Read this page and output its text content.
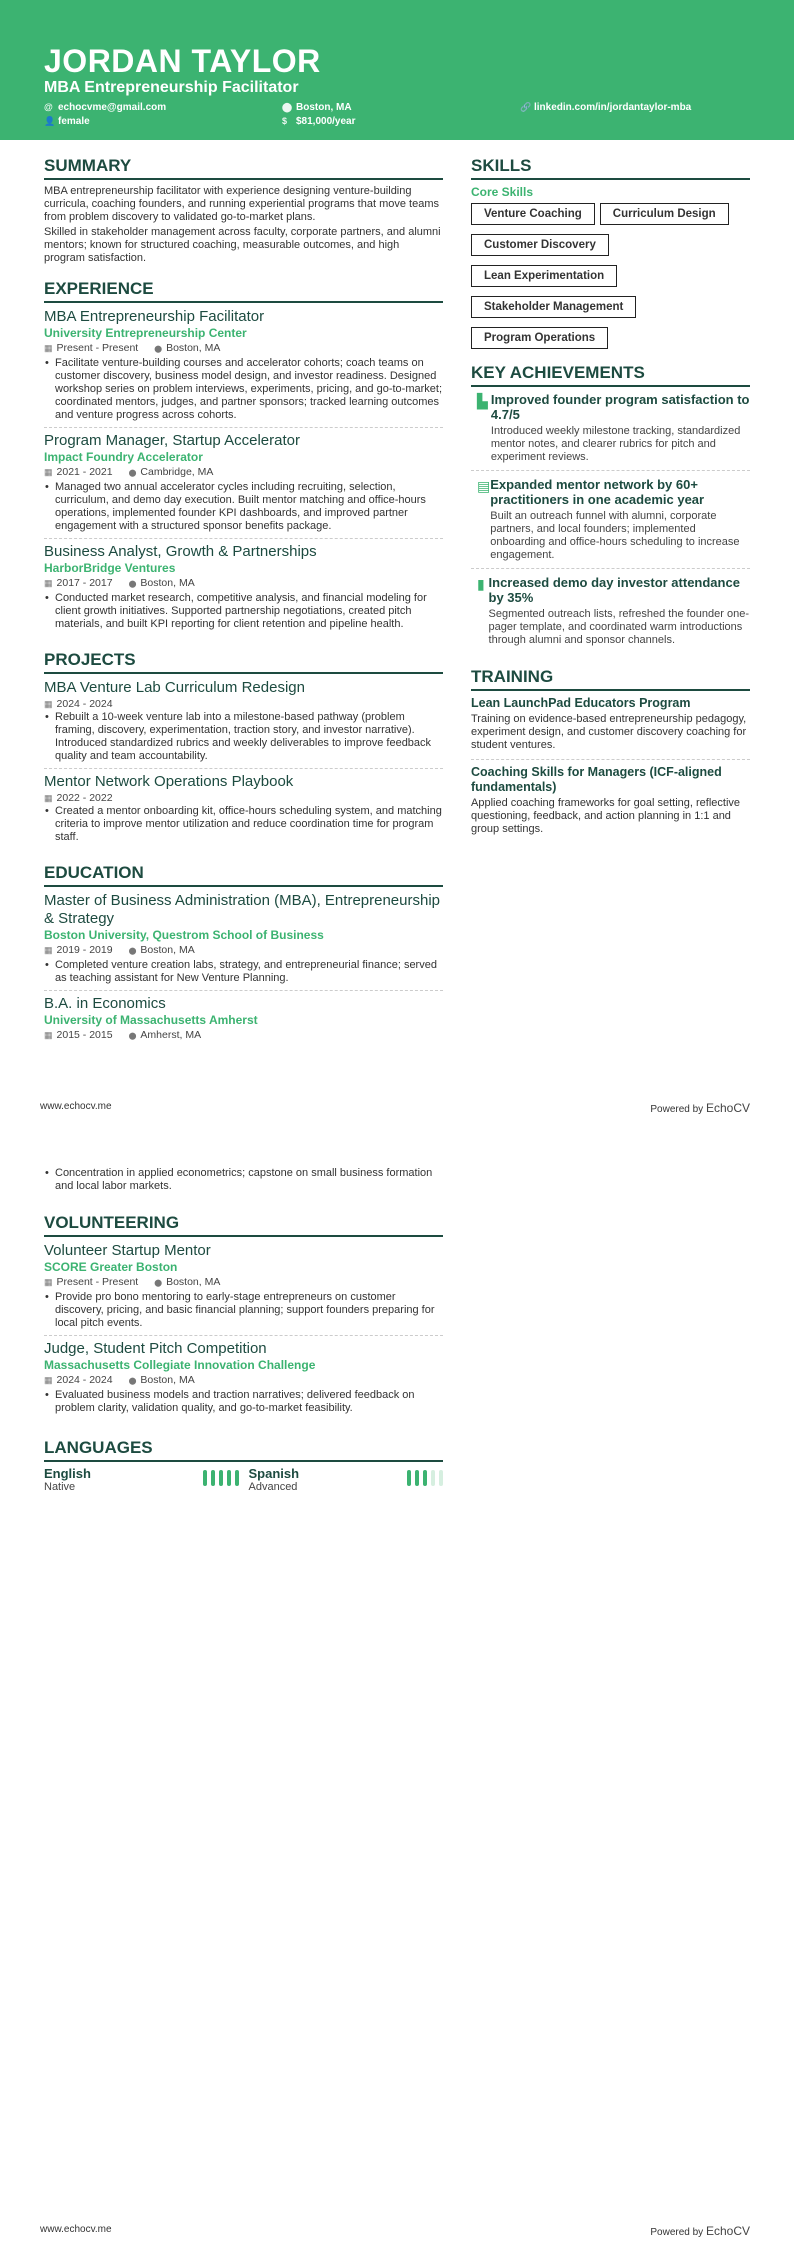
JORDAN TAYLOR
MBA Entrepreneurship Facilitator
@ echocvme@gmail.com	⬤ Boston, MA	🔗 linkedin.com/in/jordantaylor-mba
👤 female	$ $81,000/year
SUMMARY

MBA entrepreneurship facilitator with experience designing venture-building curricula, coaching founders, and running experiential programs that move teams from problem discovery to validated go-to-market plans.

Skilled in stakeholder management across faculty, corporate partners, and alumni mentors; known for structured coaching, measurable outcomes, and high program satisfaction.

EXPERIENCE
MBA Entrepreneurship Facilitator
University Entrepreneurship Center
▦ Present - Present ⬤ Boston, MA
• Facilitate venture-building courses and accelerator cohorts; coach teams on customer discovery, business model design, and investor readiness. Designed workshop series on problem interviews, experiments, pricing, and go-to-market; coordinated mentors, judges, and partner sponsors; tracked learning outcomes and venture progress across cohorts.
Program Manager, Startup Accelerator
Impact Foundry Accelerator
▦ 2021 - 2021 ⬤ Cambridge, MA
• Managed two annual accelerator cycles including recruiting, selection, curriculum, and demo day execution. Built mentor matching and office-hours operations, implemented founder KPI dashboards, and improved partner engagement with a structured sponsor benefits package.
Business Analyst, Growth & Partnerships
HarborBridge Ventures
▦ 2017 - 2017 ⬤ Boston, MA
• Conducted market research, competitive analysis, and financial modeling for client growth initiatives. Supported partnership negotiations, created pitch materials, and built KPI reporting for client retention and pipeline health.
PROJECTS
MBA Venture Lab Curriculum Redesign
▦ 2024 - 2024
• Rebuilt a 10-week venture lab into a milestone-based pathway (problem framing, discovery, experimentation, traction story, and investor narrative). Introduced standardized rubrics and weekly deliverables to improve feedback quality and team accountability.
Mentor Network Operations Playbook
▦ 2022 - 2022
• Created a mentor onboarding kit, office-hours scheduling system, and matching criteria to improve mentor utilization and reduce coordination time for program staff.
EDUCATION
Master of Business Administration (MBA), Entrepreneurship & Strategy
Boston University, Questrom School of Business
▦ 2019 - 2019 ⬤ Boston, MA
• Completed venture creation labs, strategy, and entrepreneurial finance; served as teaching assistant for New Venture Planning.
B.A. in Economics
University of Massachusetts Amherst
▦ 2015 - 2015 ⬤ Amherst, MA
SKILLS
Core Skills
Venture Coaching	Curriculum Design
Customer Discovery
Lean Experimentation
Stakeholder Management
Program Operations
KEY ACHIEVEMENTS
▙ Improved founder program satisfaction to 4.7/5
Introduced weekly milestone tracking, standardized mentor notes, and clearer rubrics for pitch and experiment reviews.
▤ Expanded mentor network by 60+ practitioners in one academic year
Built an outreach funnel with alumni, corporate partners, and local founders; implemented onboarding and office-hours scheduling to increase engagement.
▮ Increased demo day investor attendance by 35%
Segmented outreach lists, refreshed the founder one-pager template, and coordinated warm introductions through alumni and sponsor channels.
TRAINING
Lean LaunchPad Educators Program
Training on evidence-based entrepreneurship pedagogy, experiment design, and customer discovery coaching for student ventures.
Coaching Skills for Managers (ICF-aligned fundamentals)
Applied coaching frameworks for goal setting, reflective questioning, feedback, and action planning in 1:1 and group settings.
www.echocv.me	Powered by EchoCV
• Concentration in applied econometrics; capstone on small business formation and local labor markets.
VOLUNTEERING
Volunteer Startup Mentor
SCORE Greater Boston
▦ Present - Present ⬤ Boston, MA
• Provide pro bono mentoring to early-stage entrepreneurs on customer discovery, pricing, and basic financial planning; support founders preparing for local pitch events.
Judge, Student Pitch Competition
Massachusetts Collegiate Innovation Challenge
▦ 2024 - 2024 ⬤ Boston, MA
• Evaluated business models and traction narratives; delivered feedback on problem clarity, validation quality, and go-to-market feasibility.
LANGUAGES
English
Native
Spanish
Advanced
www.echocv.me	Powered by EchoCV
